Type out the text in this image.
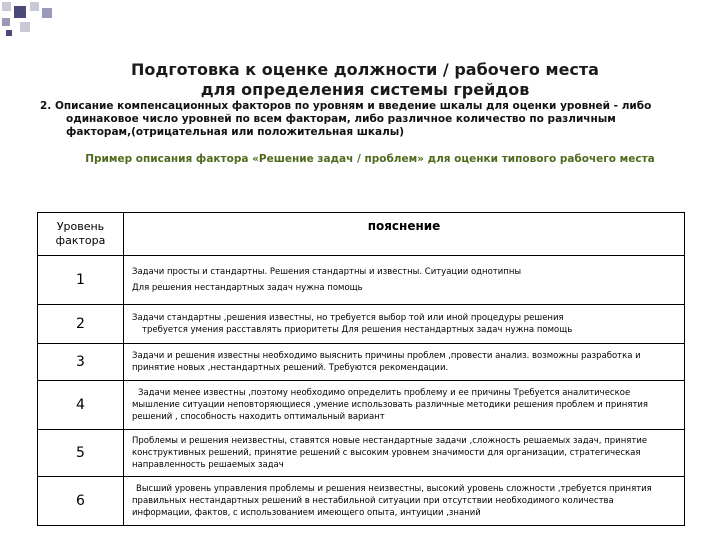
Подготовка к оценке должности / рабочего места
для определения системы грейдов
2. Описание компенсационных факторов по уровням и введение шкалы для оценки уровней - либо
одинаковое число уровней по всем факторам, либо различное количество по различным
факторам,(отрицательная или положительная шкалы)
Пример описания фактора «Решение задач / проблем» для оценки типового рабочего места
Уровень фактора	пояснение
1	Задачи просты и стандартны. Решения стандартны и известны. Ситуации однотипны
Для решения нестандартных задач нужна помощь

2	Задачи стандартны ,решения известны, но требуется выбор той или иной процедуры решения
требуется умения расставлять приоритеты Для решения нестандартных задач нужна помощь

3	Задачи и решения известны необходимо выяснить причины проблем ,провести анализ. возможны разработка и
принятие новых ,нестандартных решений. Требуются рекомендации.

4	Задачи менее известны ,поэтому необходимо определить проблему и ее причины Требуется аналитическое
мышление ситуации неповторяющиеся ,умение использовать различные методики решения проблем и принятия
решений , способность находить оптимальный вариант

5	Проблемы и решения неизвестны, ставятся новые нестандартные задачи ,сложность решаемых задач, принятие
конструктивных решений, принятие решений с высоким уровнем значимости для организации, стратегическая
направленность решаемых задач

6	Высший уровень управления проблемы и решения неизвестны, высокий уровень сложности ,требуется принятия
правильных нестандартных решений в нестабильной ситуации при отсутствии необходимого количества
информации, фактов, с использованием имеющего опыта, интуиции ,знаний
